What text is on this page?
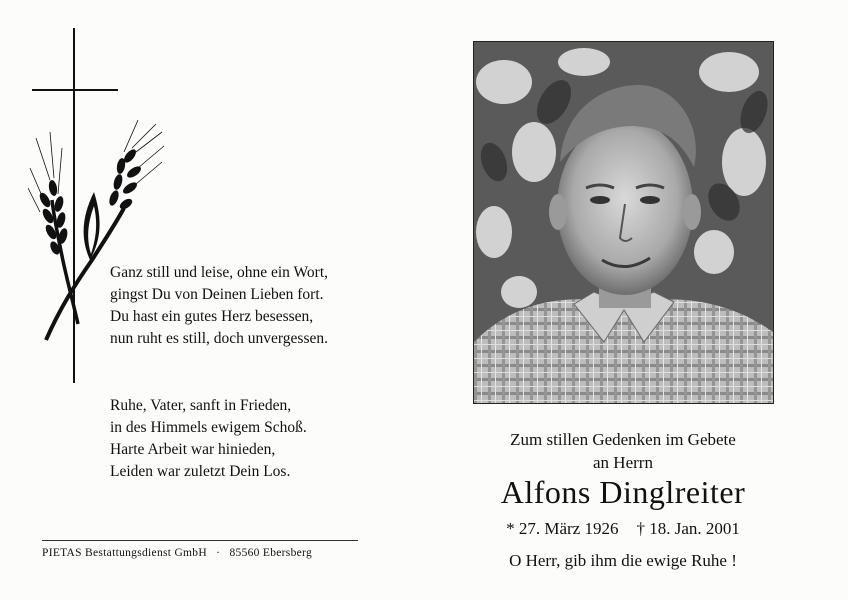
Ganz still und leise, ohne ein Wort,
gingst Du von Deinen Lieben fort.
Du hast ein gutes Herz besessen,
nun ruht es still, doch unvergessen.
Ruhe, Vater, sanft in Frieden,
in des Himmels ewigem Schoß.
Harte Arbeit war hinieden,
Leiden war zuletzt Dein Los.
PIETAS Bestattungsdienst GmbH · 85560 Ebersberg
Zum stillen Gedenken im Gebete
an Herrn
Alfons Dinglreiter
* 27. März 1926 † 18. Jan. 2001
O Herr, gib ihm die ewige Ruhe !
